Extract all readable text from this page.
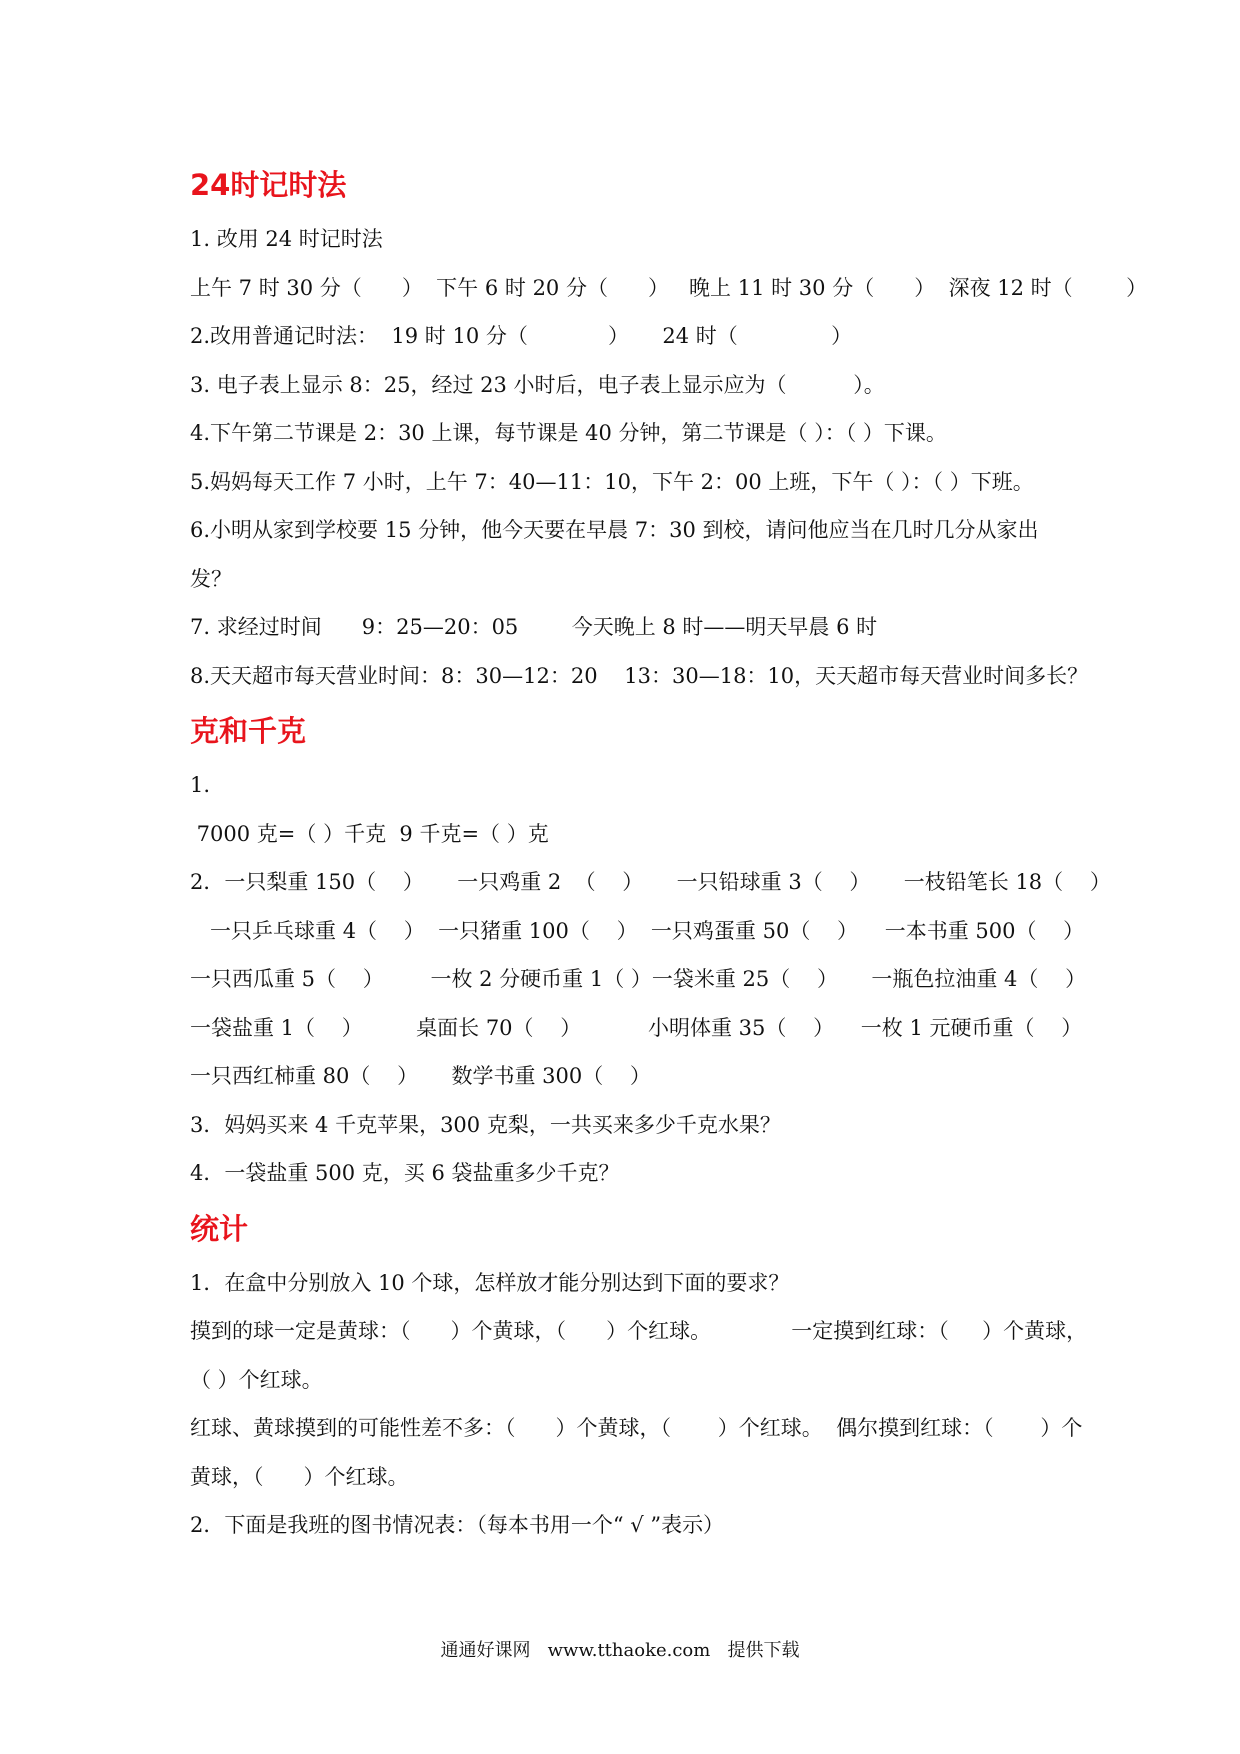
24时记时法

1. 改用 24 时记时法

上午 7 时 30 分（      ）  下午 6 时 20 分（      ）   晚上 11 时 30 分（      ）  深夜 12 时（        ）

2.改用普通记时法：  19 时 10 分（            ）     24 时（              ）

3. 电子表上显示 8：25，经过 23 小时后，电子表上显示应为（          ）。

4.下午第二节课是 2：30 上课，每节课是 40 分钟，第二节课是（ ）：（ ）下课。

5.妈妈每天工作 7 小时，上午 7：40—11：10，下午 2：00 上班，下午（ ）：（ ）下班。

6.小明从家到学校要 15 分钟，他今天要在早晨 7：30 到校，请问他应当在几时几分从家出

发？

7. 求经过时间      9：25—20：05        今天晚上 8 时——明天早晨 6 时

8.天天超市每天营业时间：8：30—12：20    13：30—18：10，天天超市每天营业时间多长？

克和千克

1.

7000 克=（ ）千克  9 千克=（ ）克

2．一只梨重 150（    ）     一只鸡重 2  （    ）     一只铅球重 3（    ）     一枝铅笔长 18（    ）

一只乒乓球重 4（    ）  一只猪重 100（    ）  一只鸡蛋重 50（    ）    一本书重 500（    ）

一只西瓜重 5（    ）       一枚 2 分硬币重 1（ ）一袋米重 25（    ）     一瓶色拉油重 4（    ）

一袋盐重 1（    ）        桌面长 70（    ）          小明体重 35（    ）    一枚 1 元硬币重（    ）

一只西红柿重 80（    ）     数学书重 300（    ）

3．妈妈买来 4 千克苹果，300 克梨，一共买来多少千克水果？

4．一袋盐重 500 克，买 6 袋盐重多少千克？

统计

1．在盒中分别放入 10 个球，怎样放才能分别达到下面的要求？

摸到的球一定是黄球：（      ）个黄球，（      ）个红球。            一定摸到红球：（     ）个黄球，

（ ）个红球。

红球、黄球摸到的可能性差不多：（      ）个黄球，（       ）个红球。  偶尔摸到红球：（       ）个

黄球，（      ）个红球。

2．下面是我班的图书情况表：（每本书用一个“ √ ”表示）

通通好课网   www.tthaoke.com   提供下载
